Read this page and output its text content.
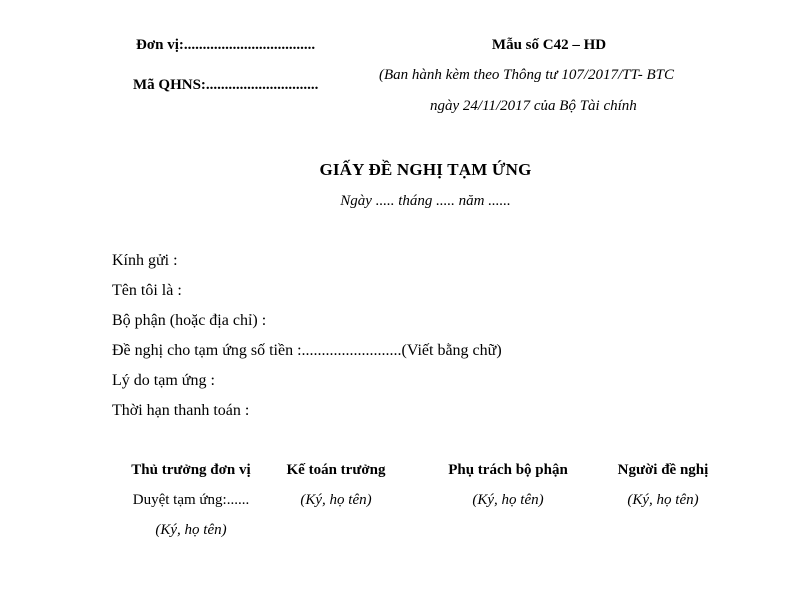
Đơn vị:...................................
Mã QHNS:..............................
Mẫu số C42 – HD
(Ban hành kèm theo Thông tư 107/2017/TT- BTC
ngày 24/11/2017 của Bộ Tài chính
GIẤY ĐỀ NGHỊ TẠM ỨNG
Ngày ..... tháng ..... năm ......
Kính gửi :
Tên tôi là :
Bộ phận (hoặc địa chỉ) :
Đề nghị cho tạm ứng số tiền :.........................(Viết bằng chữ)
Lý do tạm ứng :
Thời hạn thanh toán :
Thủ trưởng đơn vị	Kế toán trưởng	Phụ trách bộ phận	Người đề nghị
Duyệt tạm ứng:......	(Ký, họ tên)	(Ký, họ tên)	(Ký, họ tên)
(Ký, họ tên)
